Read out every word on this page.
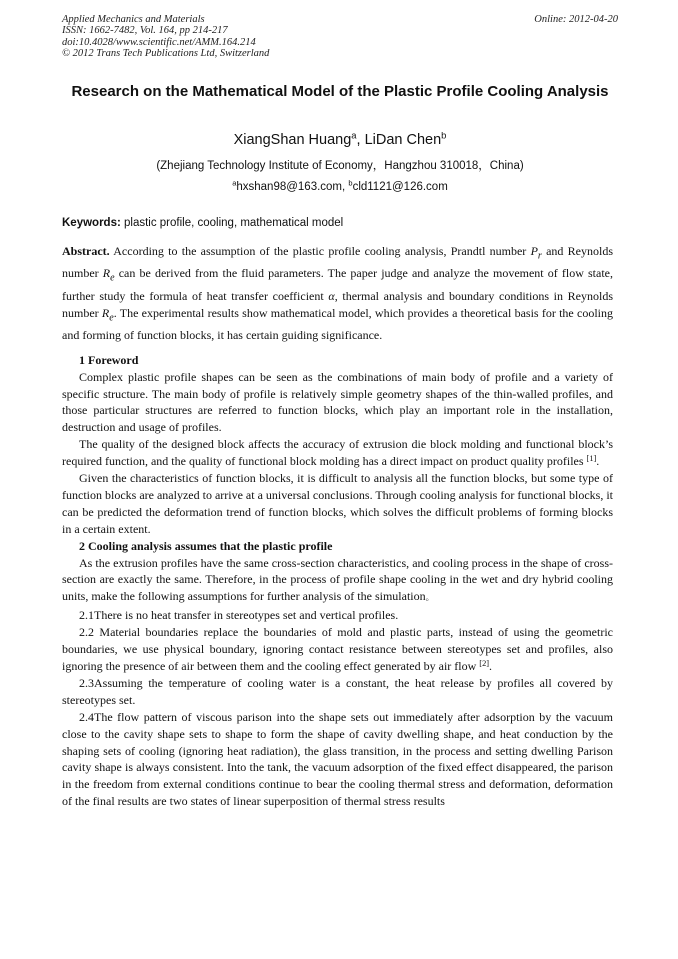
Applied Mechanics and Materials
ISSN: 1662-7482, Vol. 164, pp 214-217
doi:10.4028/www.scientific.net/AMM.164.214
© 2012 Trans Tech Publications Ltd, Switzerland
Online: 2012-04-20
Research on the Mathematical Model of the Plastic Profile Cooling Analysis
XiangShan Huang$^a$, LiDan Chen$^b$
(Zhejiang Technology Institute of Economy，Hangzhou 310018，China)
$^a$hxshan98@163.com, $^b$cld1121@126.com
Keywords: plastic profile, cooling, mathematical model

Abstract. According to the assumption of the plastic profile cooling analysis, Prandtl number $P_r$ and Reynolds number $R_e$ can be derived from the fluid parameters. The paper judge and analyze the movement of flow state, further study the formula of heat transfer coefficient α, thermal analysis and boundary conditions in Reynolds number $R_e$. The experimental results show mathematical model, which provides a theoretical basis for the cooling and forming of function blocks, it has certain guiding significance.

1 Foreword

Complex plastic profile shapes can be seen as the combinations of main body of profile and a variety of specific structure. The main body of profile is relatively simple geometry shapes of the thin-walled profiles, and those particular structures are referred to function blocks, which play an important role in the installation, destruction and usage of profiles.

The quality of the designed block affects the accuracy of extrusion die block molding and functional block’s required function, and the quality of functional block molding has a direct impact on product quality profiles [1].

Given the characteristics of function blocks, it is difficult to analysis all the function blocks, but some type of function blocks are analyzed to arrive at a universal conclusions. Through cooling analysis for functional blocks, it can be predicted the deformation trend of function blocks, which solves the difficult problems of forming blocks in a certain extent.

2 Cooling analysis assumes that the plastic profile

As the extrusion profiles have the same cross-section characteristics, and cooling process in the shape of cross-section are exactly the same. Therefore, in the process of profile shape cooling in the wet and dry hybrid cooling units, make the following assumptions for further analysis of the simulation。

2.1There is no heat transfer in stereotypes set and vertical profiles.

2.2 Material boundaries replace the boundaries of mold and plastic parts, instead of using the geometric boundaries, we use physical boundary, ignoring contact resistance between stereotypes set and profiles, also ignoring the presence of air between them and the cooling effect generated by air flow [2].

2.3Assuming the temperature of cooling water is a constant, the heat release by profiles all covered by stereotypes set.

2.4The flow pattern of viscous parison into the shape sets out immediately after adsorption by the vacuum close to the cavity shape sets to shape to form the shape of cavity dwelling shape, and heat conduction by the shaping sets of cooling (ignoring heat radiation), the glass transition, in the process and setting dwelling Parison cavity shape is always consistent. Into the tank, the vacuum adsorption of the fixed effect disappeared, the parison in the freedom from external conditions continue to bear the cooling thermal stress and deformation, deformation of the final results are two states of linear superposition of thermal stress results
